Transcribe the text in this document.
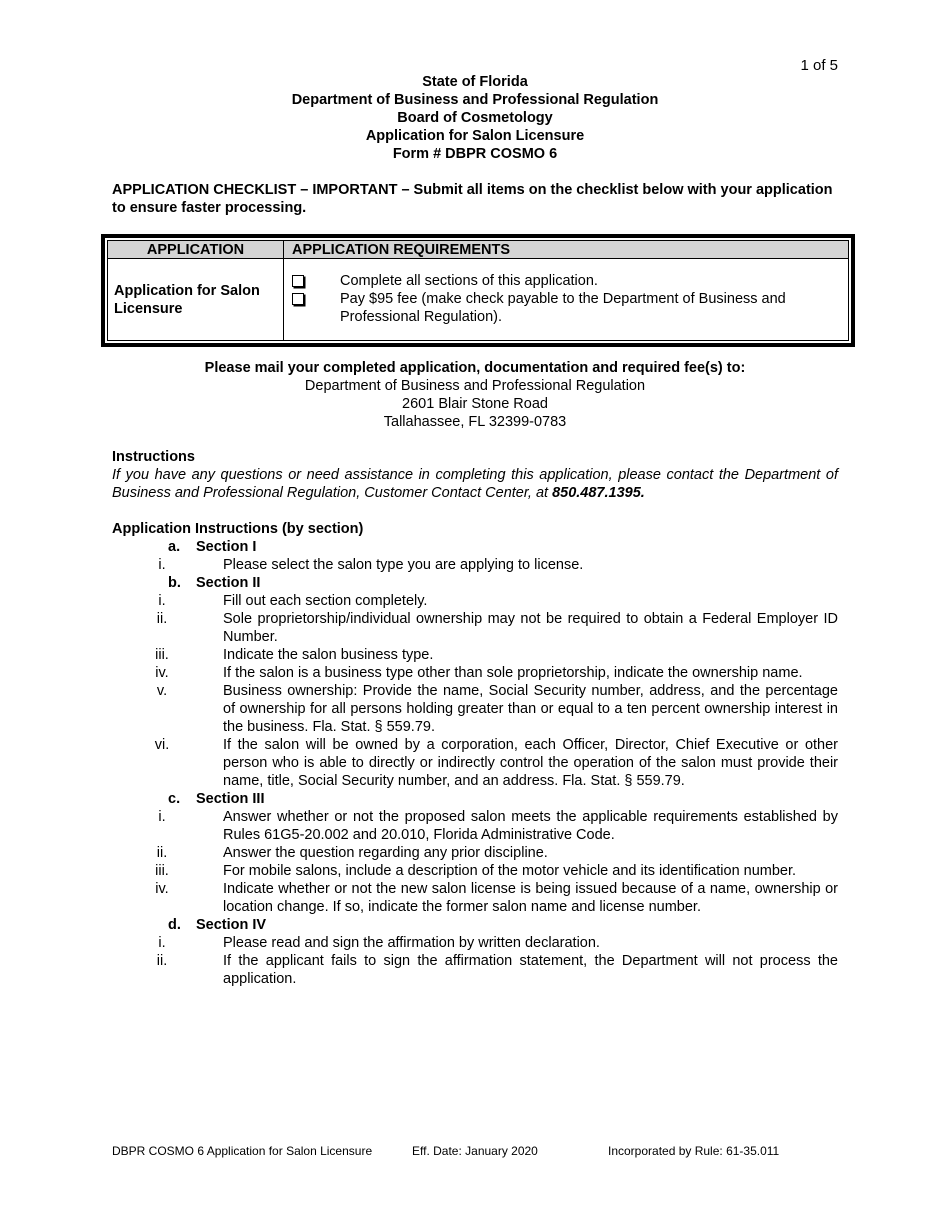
1 of 5
State of Florida
Department of Business and Professional Regulation
Board of Cosmetology
Application for Salon Licensure
Form # DBPR COSMO 6
APPLICATION CHECKLIST – IMPORTANT – Submit all items on the checklist below with your application to ensure faster processing.
APPLICATION	APPLICATION REQUIREMENTS
Application for Salon Licensure	Complete all sections of this application.
Pay $95 fee (make check payable to the Department of Business and Professional Regulation).
Please mail your completed application, documentation and required fee(s) to:
Department of Business and Professional Regulation
2601 Blair Stone Road
Tallahassee, FL 32399-0783
Instructions
If you have any questions or need assistance in completing this application, please contact the Department of Business and Professional Regulation, Customer Contact Center, at 850.487.1395.
Application Instructions (by section)
a. Section I
i.	Please select the salon type you are applying to license.
b. Section II
i.	Fill out each section completely.
ii.	Sole proprietorship/individual ownership may not be required to obtain a Federal Employer ID Number.
iii.	Indicate the salon business type.
iv.	If the salon is a business type other than sole proprietorship, indicate the ownership name.
v.	Business ownership: Provide the name, Social Security number, address, and the percentage of ownership for all persons holding greater than or equal to a ten percent ownership interest in the business. Fla. Stat. § 559.79.
vi.	If the salon will be owned by a corporation, each Officer, Director, Chief Executive or other person who is able to directly or indirectly control the operation of the salon must provide their name, title, Social Security number, and an address. Fla. Stat. § 559.79.
c. Section III
i.	Answer whether or not the proposed salon meets the applicable requirements established by Rules 61G5-20.002 and 20.010, Florida Administrative Code.
ii.	Answer the question regarding any prior discipline.
iii.	For mobile salons, include a description of the motor vehicle and its identification number.
iv.	Indicate whether or not the new salon license is being issued because of a name, ownership or location change. If so, indicate the former salon name and license number.
d. Section IV
i.	Please read and sign the affirmation by written declaration.
ii.	If the applicant fails to sign the affirmation statement, the Department will not process the application.
DBPR COSMO 6 Application for Salon Licensure	Eff. Date: January 2020	Incorporated by Rule: 61-35.011
